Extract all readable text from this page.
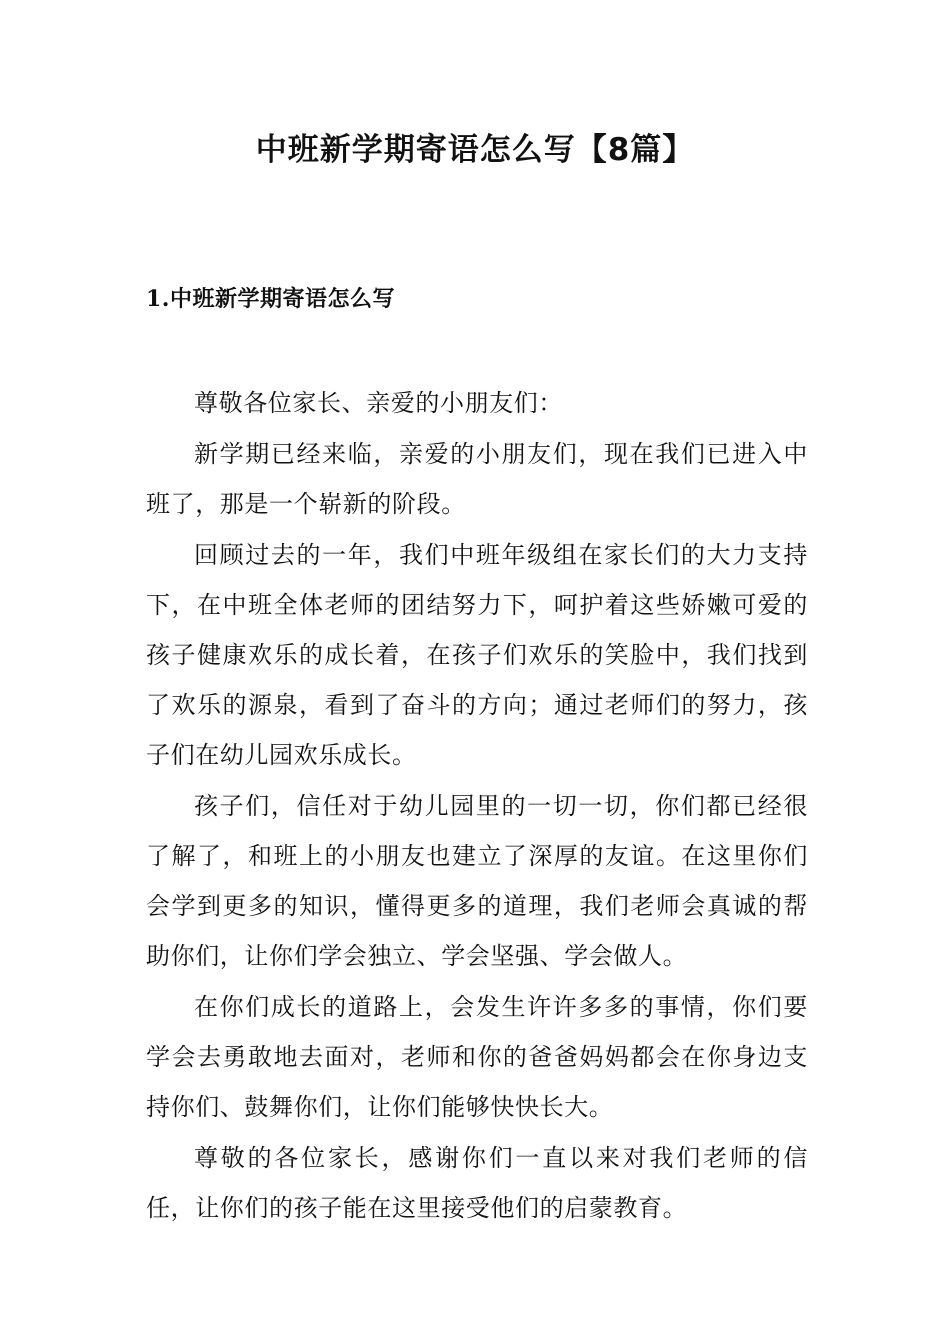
中班新学期寄语怎么写【8篇】
1.中班新学期寄语怎么写

尊敬各位家长、亲爱的小朋友们：

新学期已经来临，亲爱的小朋友们，现在我们已进入中班了，那是一个崭新的阶段。

回顾过去的一年，我们中班年级组在家长们的大力支持下，在中班全体老师的团结努力下，呵护着这些娇嫩可爱的孩子健康欢乐的成长着，在孩子们欢乐的笑脸中，我们找到了欢乐的源泉，看到了奋斗的方向；通过老师们的努力，孩子们在幼儿园欢乐成长。

孩子们，信任对于幼儿园里的一切一切，你们都已经很了解了，和班上的小朋友也建立了深厚的友谊。在这里你们会学到更多的知识，懂得更多的道理，我们老师会真诚的帮助你们，让你们学会独立、学会坚强、学会做人。

在你们成长的道路上，会发生许许多多的事情，你们要学会去勇敢地去面对，老师和你的爸爸妈妈都会在你身边支持你们、鼓舞你们，让你们能够快快长大。

尊敬的各位家长，感谢你们一直以来对我们老师的信任，让你们的孩子能在这里接受他们的启蒙教育。
